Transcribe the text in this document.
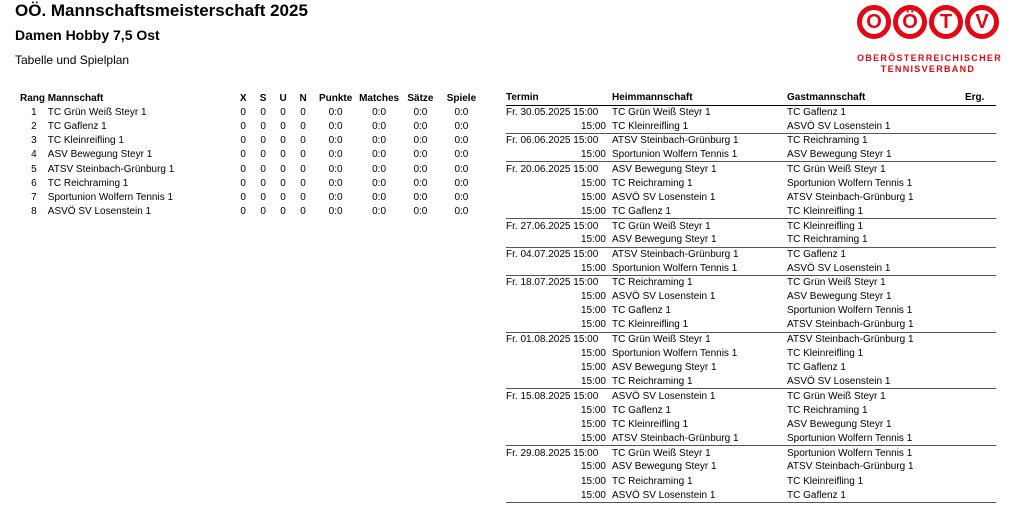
OÖ. Mannschaftsmeisterschaft 2025
Damen Hobby 7,5 Ost
Tabelle und Spielplan
O	Ö	T	V
OBERÖSTERREICHISCHER
TENNISVERBAND
Rang	Mannschaft	X	S	U	N	Punkte	Matches	Sätze	Spiele
1	TC Grün Weiß Steyr 1	0	0	0	0	0:0	0:0	0:0	0:0
2	TC Gaflenz 1	0	0	0	0	0:0	0:0	0:0	0:0
3	TC Kleinreifling 1	0	0	0	0	0:0	0:0	0:0	0:0
4	ASV Bewegung Steyr 1	0	0	0	0	0:0	0:0	0:0	0:0
5	ATSV Steinbach-Grünburg 1	0	0	0	0	0:0	0:0	0:0	0:0
6	TC Reichraming 1	0	0	0	0	0:0	0:0	0:0	0:0
7	Sportunion Wolfern Tennis 1	0	0	0	0	0:0	0:0	0:0	0:0
8	ASVÖ SV Losenstein 1	0	0	0	0	0:0	0:0	0:0	0:0
Termin	Heimmannschaft	Gastmannschaft	Erg.
Fr. 30.05.2025 15:00	TC Grün Weiß Steyr 1	TC Gaflenz 1	
15:00	TC Kleinreifling 1	ASVÖ SV Losenstein 1	
Fr. 06.06.2025 15:00	ATSV Steinbach-Grünburg 1	TC Reichraming 1	
15:00	Sportunion Wolfern Tennis 1	ASV Bewegung Steyr 1	
Fr. 20.06.2025 15:00	ASV Bewegung Steyr 1	TC Grün Weiß Steyr 1	
15:00	TC Reichraming 1	Sportunion Wolfern Tennis 1	
15:00	ASVÖ SV Losenstein 1	ATSV Steinbach-Grünburg 1	
15:00	TC Gaflenz 1	TC Kleinreifling 1	
Fr. 27.06.2025 15:00	TC Grün Weiß Steyr 1	TC Kleinreifling 1	
15:00	ASV Bewegung Steyr 1	TC Reichraming 1	
Fr. 04.07.2025 15:00	ATSV Steinbach-Grünburg 1	TC Gaflenz 1	
15:00	Sportunion Wolfern Tennis 1	ASVÖ SV Losenstein 1	
Fr. 18.07.2025 15:00	TC Reichraming 1	TC Grün Weiß Steyr 1	
15:00	ASVÖ SV Losenstein 1	ASV Bewegung Steyr 1	
15:00	TC Gaflenz 1	Sportunion Wolfern Tennis 1	
15:00	TC Kleinreifling 1	ATSV Steinbach-Grünburg 1	
Fr. 01.08.2025 15:00	TC Grün Weiß Steyr 1	ATSV Steinbach-Grünburg 1	
15:00	Sportunion Wolfern Tennis 1	TC Kleinreifling 1	
15:00	ASV Bewegung Steyr 1	TC Gaflenz 1	
15:00	TC Reichraming 1	ASVÖ SV Losenstein 1	
Fr. 15.08.2025 15:00	ASVÖ SV Losenstein 1	TC Grün Weiß Steyr 1	
15:00	TC Gaflenz 1	TC Reichraming 1	
15:00	TC Kleinreifling 1	ASV Bewegung Steyr 1	
15:00	ATSV Steinbach-Grünburg 1	Sportunion Wolfern Tennis 1	
Fr. 29.08.2025 15:00	TC Grün Weiß Steyr 1	Sportunion Wolfern Tennis 1	
15:00	ASV Bewegung Steyr 1	ATSV Steinbach-Grünburg 1	
15:00	TC Reichraming 1	TC Kleinreifling 1	
15:00	ASVÖ SV Losenstein 1	TC Gaflenz 1	
